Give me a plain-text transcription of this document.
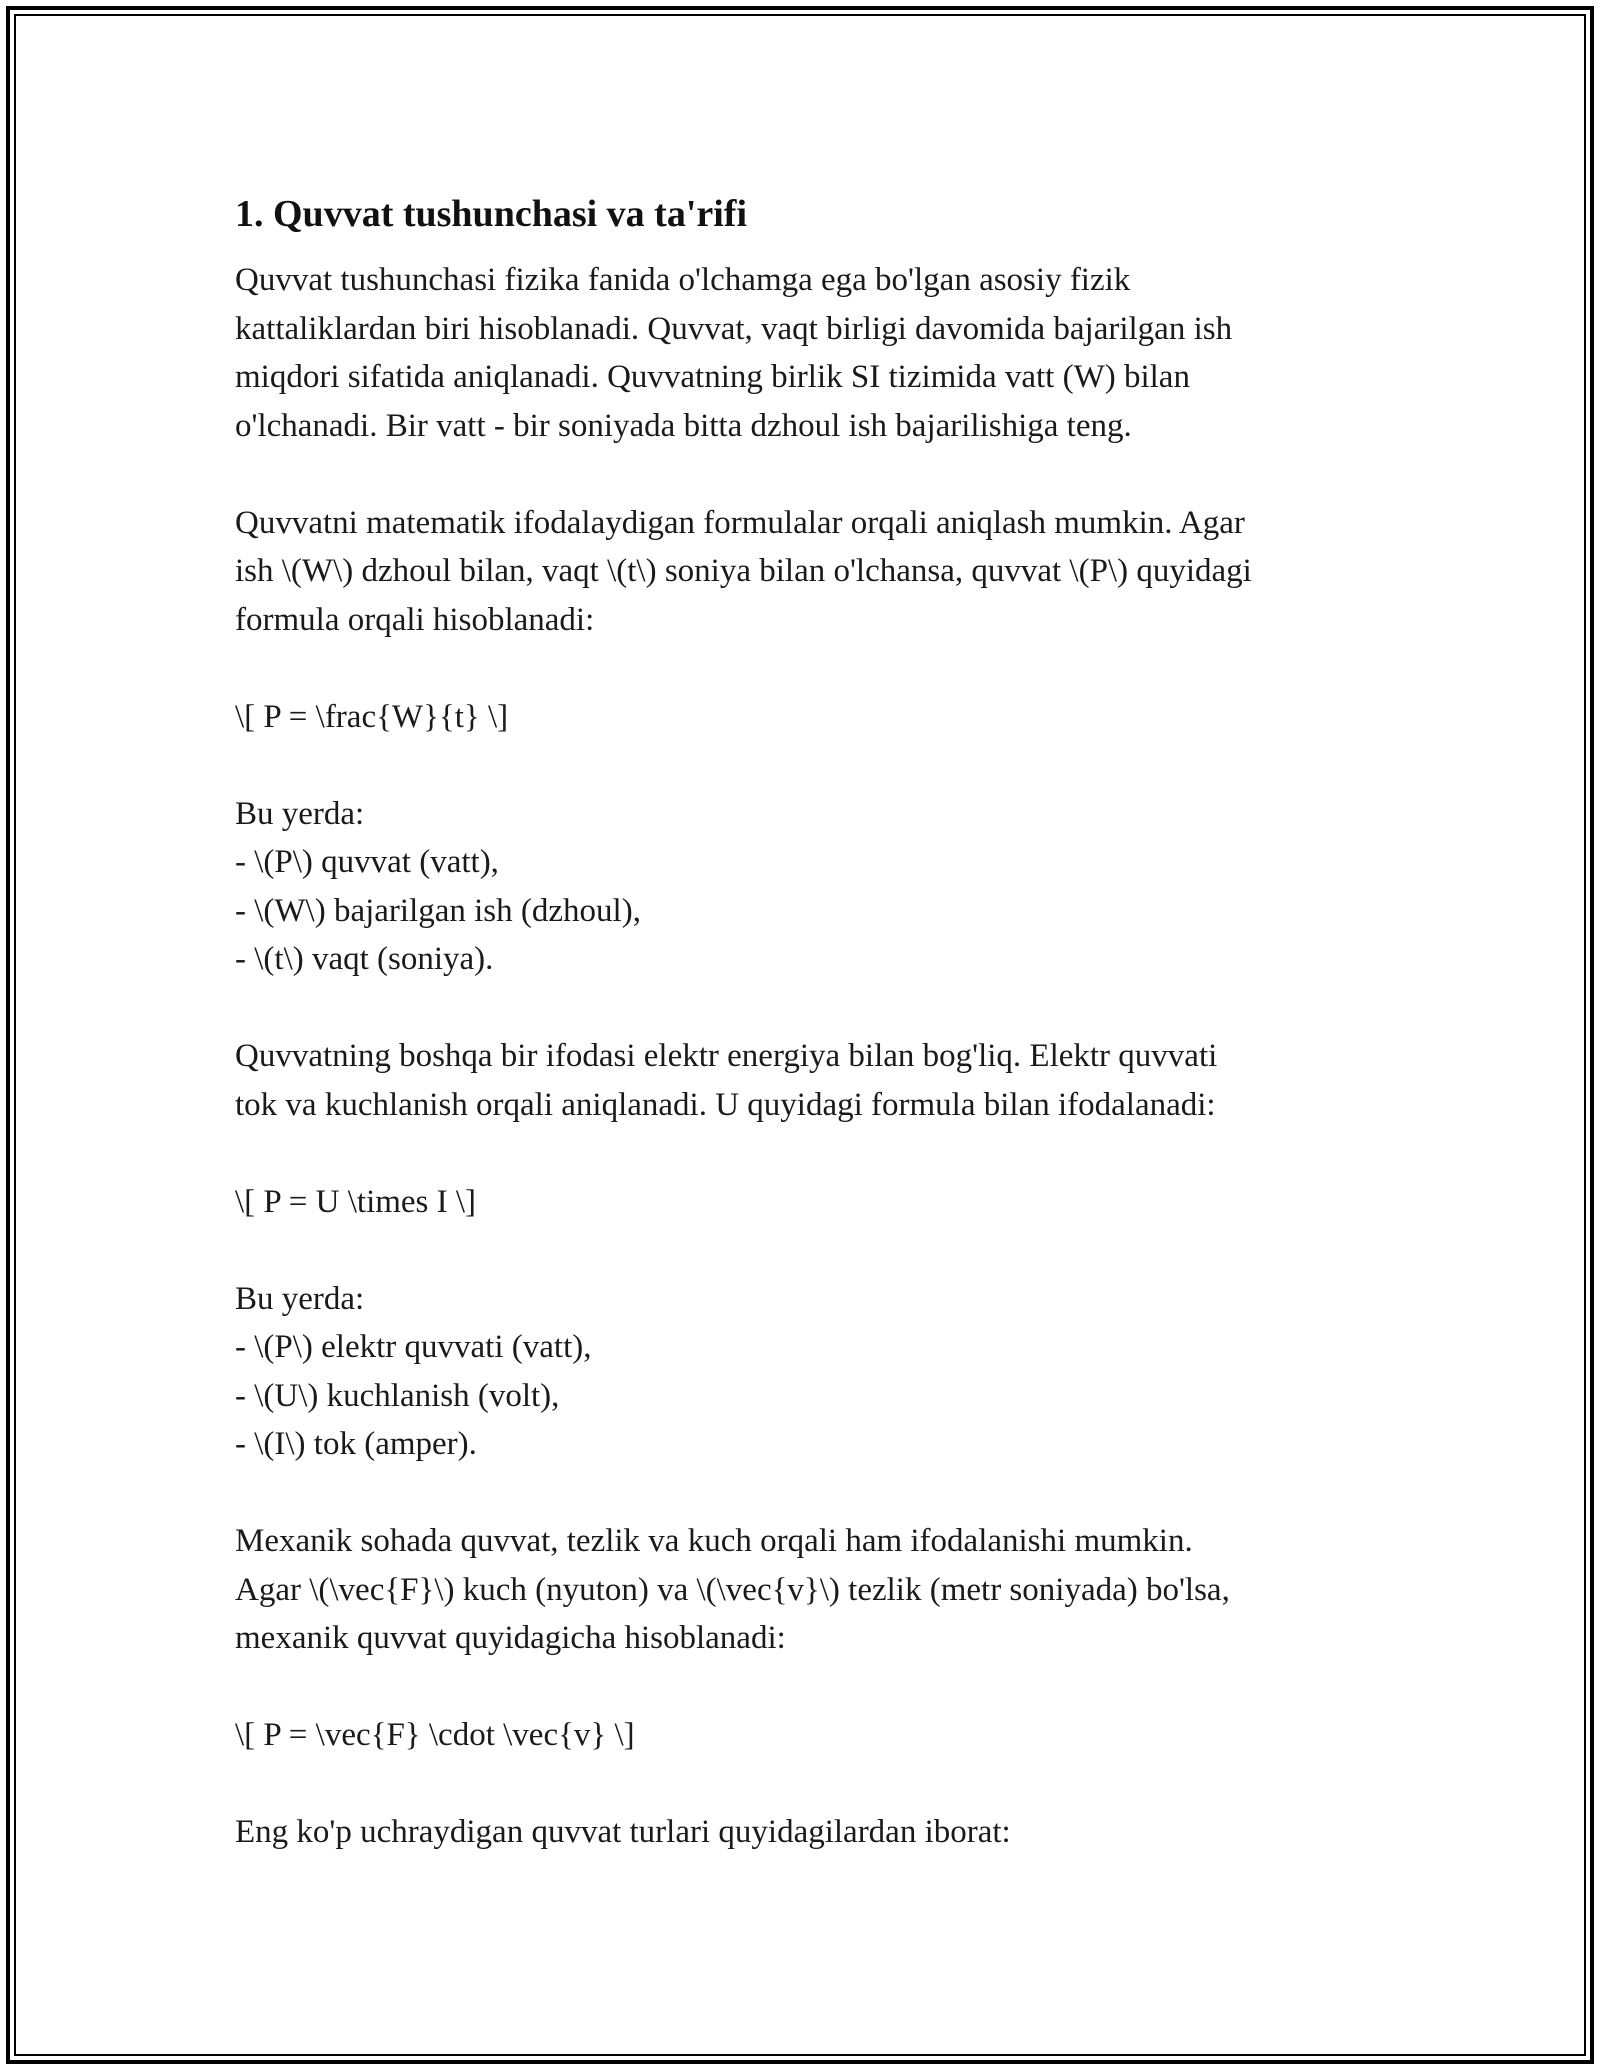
1. Quvvat tushunchasi va ta'rifi
Quvvat tushunchasi fizika fanida o'lchamga ega bo'lgan asosiy fizik
kattaliklardan biri hisoblanadi. Quvvat, vaqt birligi davomida bajarilgan ish
miqdori sifatida aniqlanadi. Quvvatning birlik SI tizimida vatt (W) bilan
o'lchanadi. Bir vatt - bir soniyada bitta dzhoul ish bajarilishiga teng.
Quvvatni matematik ifodalaydigan formulalar orqali aniqlash mumkin. Agar
ish \(W\) dzhoul bilan, vaqt \(t\) soniya bilan o'lchansa, quvvat \(P\) quyidagi
formula orqali hisoblanadi:
\[ P = \frac{W}{t} \]
Bu yerda:
- \(P\) quvvat (vatt),
- \(W\) bajarilgan ish (dzhoul),
- \(t\) vaqt (soniya).
Quvvatning boshqa bir ifodasi elektr energiya bilan bog'liq. Elektr quvvati
tok va kuchlanish orqali aniqlanadi. U quyidagi formula bilan ifodalanadi:
\[ P = U \times I \]
Bu yerda:
- \(P\) elektr quvvati (vatt),
- \(U\) kuchlanish (volt),
- \(I\) tok (amper).
Mexanik sohada quvvat, tezlik va kuch orqali ham ifodalanishi mumkin.
Agar \(\vec{F}\) kuch (nyuton) va \(\vec{v}\) tezlik (metr soniyada) bo'lsa,
mexanik quvvat quyidagicha hisoblanadi:
\[ P = \vec{F} \cdot \vec{v} \]
Eng ko'p uchraydigan quvvat turlari quyidagilardan iborat:
